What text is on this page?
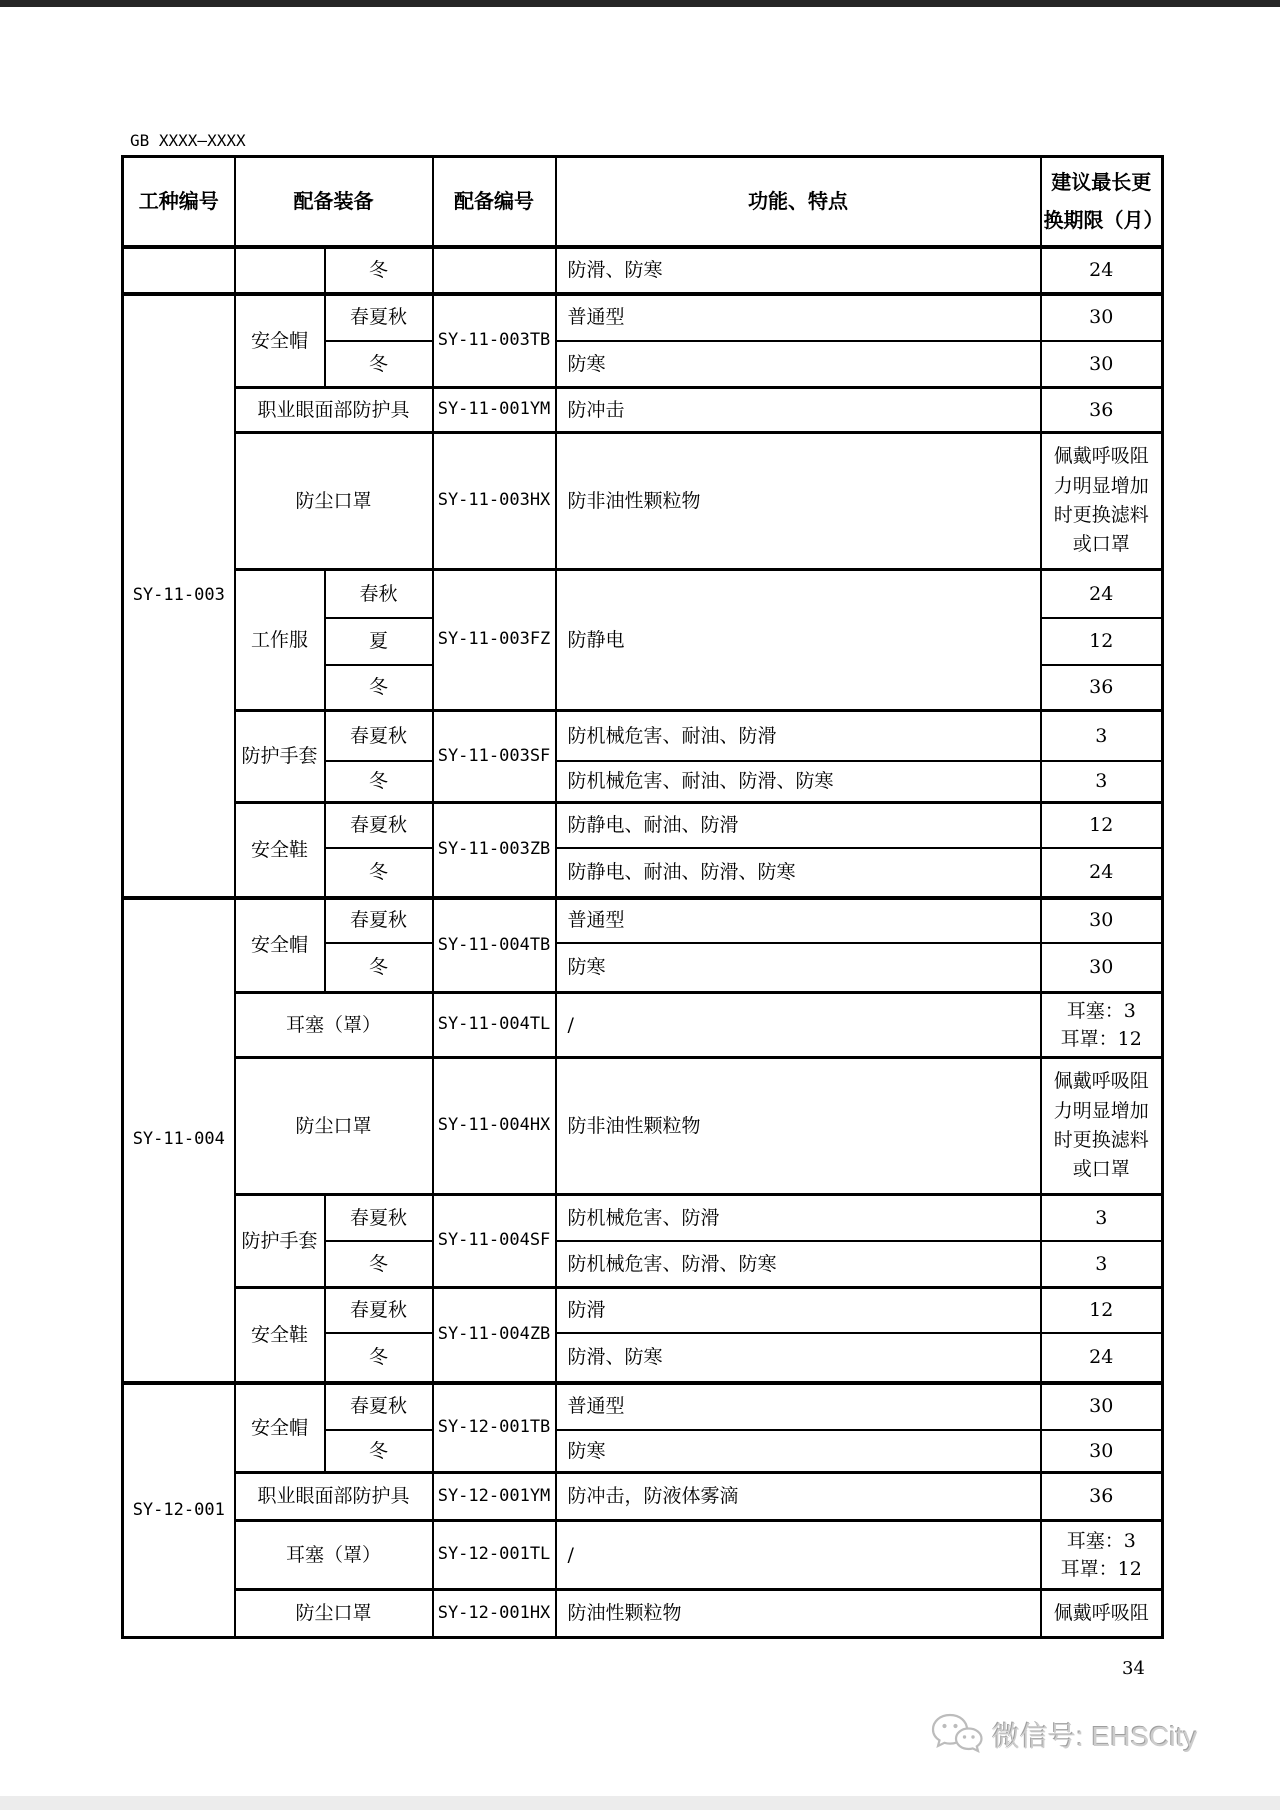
GB XXXX—XXXX
工种编号	配备装备		配备编号	功能、特点	建议最长更换期限（月）
		冬		防滑、防寒	24
SY-11-003	安全帽	春夏秋	SY-11-003TB	普通型	30
		冬		防寒	30
	职业眼面部防护具		SY-11-001YM	防冲击	36
	防尘口罩		SY-11-003HX	防非油性颗粒物	佩戴呼吸阻力明显增加时更换滤料或口罩
	工作服	春秋	SY-11-003FZ	防静电	24
		夏			12
		冬			36
	防护手套	春夏秋	SY-11-003SF	防机械危害、耐油、防滑	3
		冬		防机械危害、耐油、防滑、防寒	3
	安全鞋	春夏秋	SY-11-003ZB	防静电、耐油、防滑	12
		冬		防静电、耐油、防滑、防寒	24
SY-11-004	安全帽	春夏秋	SY-11-004TB	普通型	30
		冬		防寒	30
	耳塞（罩）		SY-11-004TL	/	耳塞：3
耳罩：12
	防尘口罩		SY-11-004HX	防非油性颗粒物	佩戴呼吸阻力明显增加时更换滤料或口罩
	防护手套	春夏秋	SY-11-004SF	防机械危害、防滑	3
		冬		防机械危害、防滑、防寒	3
	安全鞋	春夏秋	SY-11-004ZB	防滑	12
		冬		防滑、防寒	24
SY-12-001	安全帽	春夏秋	SY-12-001TB	普通型	30
		冬		防寒	30
	职业眼面部防护具		SY-12-001YM	防冲击，防液体雾滴	36
	耳塞（罩）		SY-12-001TL	/	耳塞：3
耳罩：12
	防尘口罩		SY-12-001HX	防油性颗粒物	佩戴呼吸阻
34
微信号: EHSCity
